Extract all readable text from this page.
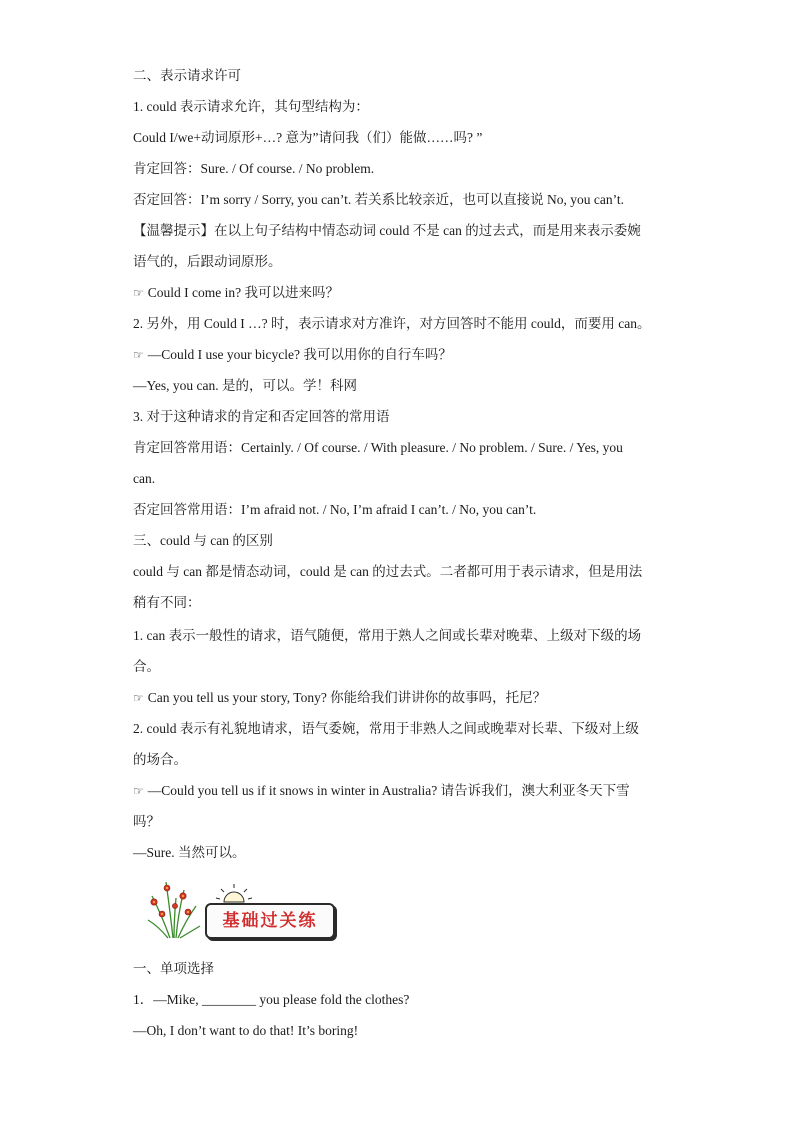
二、表示请求许可
1. could 表示请求允许，其句型结构为：
Could I/we+动词原形+…? 意为”请问我（们）能做……吗? ”
肯定回答：Sure. / Of course. / No problem.
否定回答：I’m sorry / Sorry, you can’t. 若关系比较亲近，也可以直接说 No, you can’t.
【温馨提示】在以上句子结构中情态动词 could 不是 can 的过去式，而是用来表示委婉
语气的，后跟动词原形。
☞ Could I come in? 我可以进来吗？
2. 另外，用 Could I …? 时，表示请求对方准许，对方回答时不能用 could，而要用 can。
☞ —Could I use your bicycle? 我可以用你的自行车吗？
—Yes, you can. 是的，可以。学！科网
3. 对于这种请求的肯定和否定回答的常用语
肯定回答常用语：Certainly. / Of course. / With pleasure. / No problem. / Sure. / Yes, you
can.
否定回答常用语：I’m afraid not. / No, I’m afraid I can’t. / No, you can’t.
三、could 与 can 的区别
could 与 can 都是情态动词，could 是 can 的过去式。二者都可用于表示请求，但是用法
稍有不同：
1. can 表示一般性的请求，语气随便，常用于熟人之间或长辈对晚辈、上级对下级的场
合。
☞ Can you tell us your story, Tony? 你能给我们讲讲你的故事吗，托尼？
2. could 表示有礼貌地请求，语气委婉，常用于非熟人之间或晚辈对长辈、下级对上级
的场合。
☞ —Could you tell us if it snows in winter in Australia? 请告诉我们，澳大利亚冬天下雪
吗？
—Sure. 当然可以。
一、单项选择
1．—Mike, ________ you please fold the clothes?
—Oh, I don’t want to do that! It’s boring!
基础过关练
